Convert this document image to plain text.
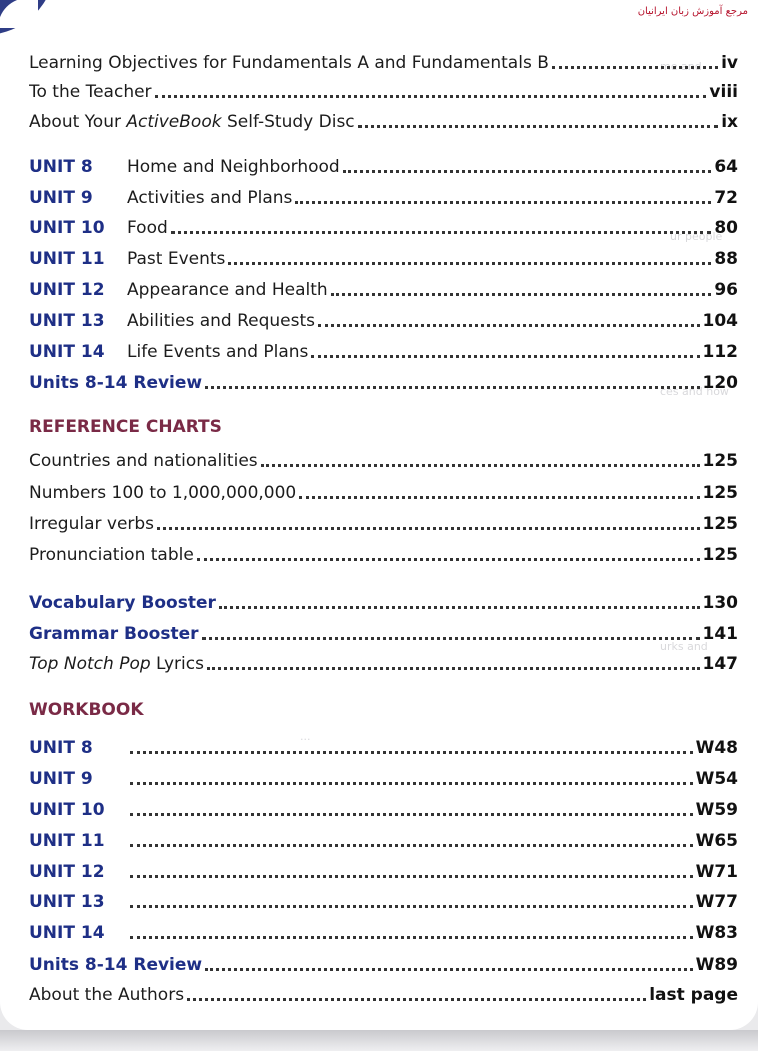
me and
ur people
ces and how
urks and
...
مرجع آموزش زبان ایرانیان
Learning Objectives for Fundamentals A and Fundamentals B	iv
To the Teacher	viii
About Your ActiveBook Self-Study Disc	ix
UNIT 8 Home and Neighborhood	64
UNIT 9 Activities and Plans	72
UNIT 10 Food	80
UNIT 11 Past Events	88
UNIT 12 Appearance and Health	96
UNIT 13 Abilities and Requests	104
UNIT 14 Life Events and Plans	112
Units 8-14 Review	120
REFERENCE CHARTS
Countries and nationalities	125
Numbers 100 to 1,000,000,000	125
Irregular verbs	125
Pronunciation table	125
Vocabulary Booster	130
Grammar Booster	141
Top Notch Pop Lyrics	147
WORKBOOK
UNIT 8	W48
UNIT 9	W54
UNIT 10	W59
UNIT 11	W65
UNIT 12	W71
UNIT 13	W77
UNIT 14	W83
Units 8-14 Review	W89
About the Authors	last page
